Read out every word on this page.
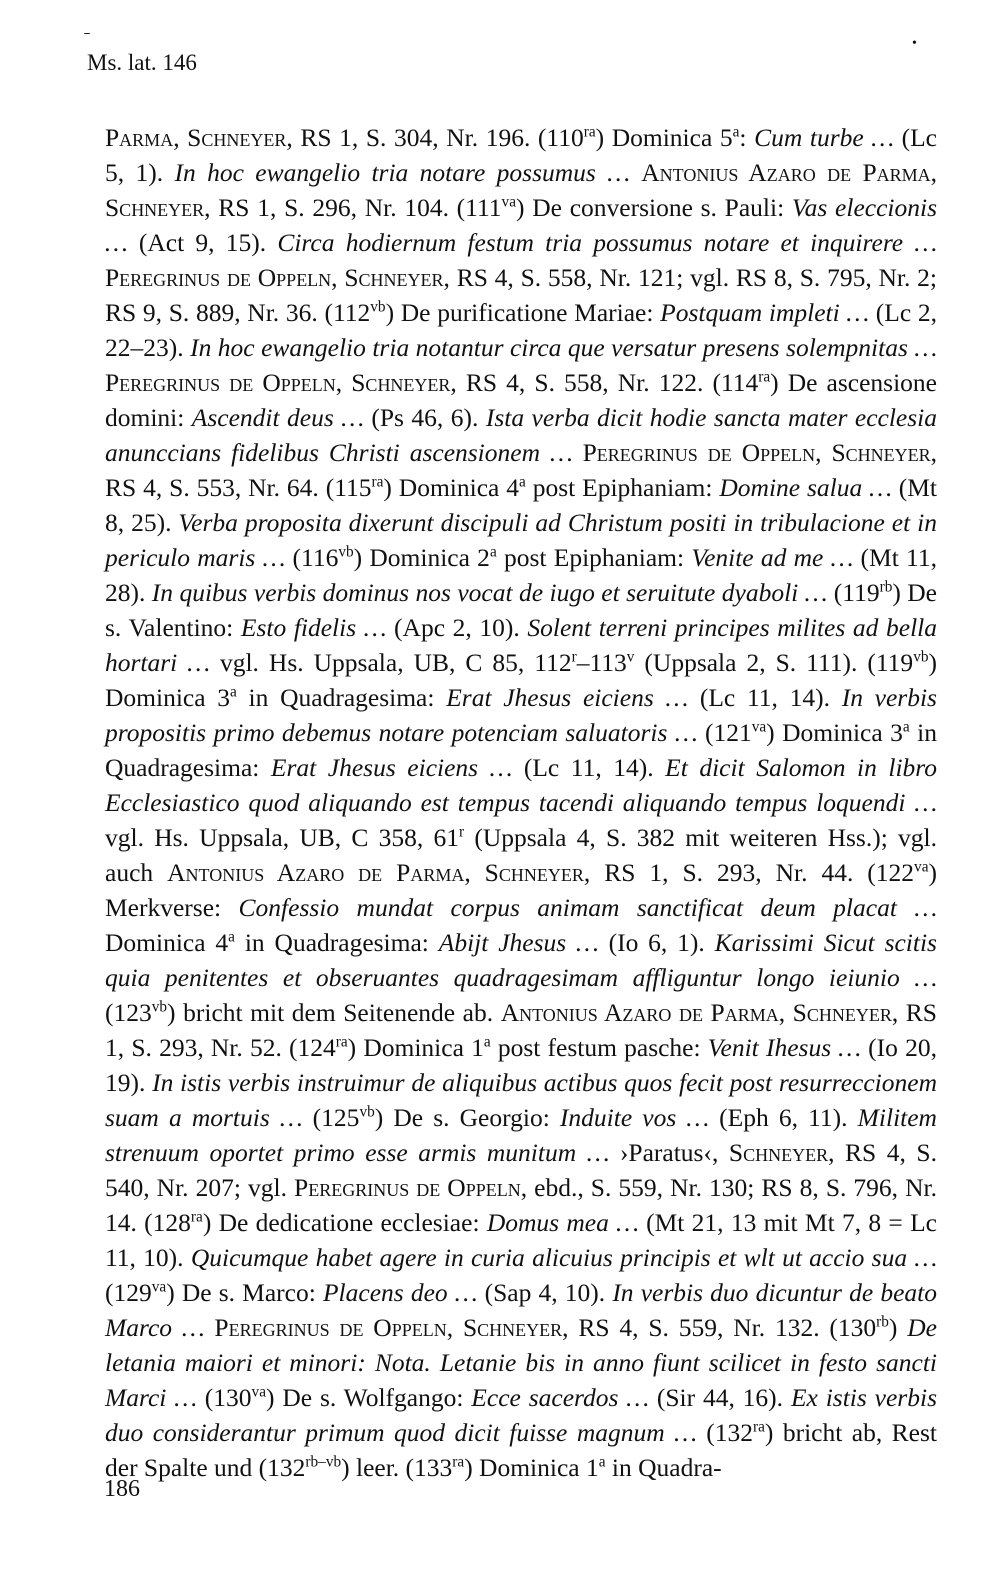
ˉ
Ms. lat. 146
•

Parma, Schneyer, RS 1, S. 304, Nr. 196. $(110^{ra})$ Dominica 5$^a$: Cum turbe … (Lc 5, 1). In hoc ewangelio tria notare possumus … Antonius Azaro de Parma, Schneyer, RS 1, S. 296, Nr. 104. $(111^{va})$ De conversione s. Pauli: Vas eleccionis … (Act 9, 15). Circa hodiernum festum tria possumus notare et inquirere … Peregrinus de Oppeln, Schneyer, RS 4, S. 558, Nr. 121; vgl. RS 8, S. 795, Nr. 2; RS 9, S. 889, Nr. 36. $(112^{vb})$ De purificatione Mariae: Postquam impleti … (Lc 2, 22–23). In hoc ewangelio tria notantur circa que versatur presens solempnitas … Peregrinus de Oppeln, Schneyer, RS 4, S. 558, Nr. 122. $(114^{ra})$ De ascensione domini: Ascendit deus … (Ps 46, 6). Ista verba dicit hodie sancta mater ecclesia anunccians fidelibus Christi ascensionem … Peregrinus de Oppeln, Schneyer, RS 4, S. 553, Nr. 64. $(115^{ra})$ Dominica 4$^a$ post Epiphaniam: Domine salua … (Mt 8, 25). Verba proposita dixerunt discipuli ad Christum positi in tribulacione et in periculo maris … $(116^{vb})$ Dominica 2$^a$ post Epiphaniam: Venite ad me … (Mt 11, 28). In quibus verbis dominus nos vocat de iugo et seruitute dyaboli … $(119^{rb})$ De s. Valentino: Esto fidelis … (Apc 2, 10). Solent terreni principes milites ad bella hortari … vgl. Hs. Uppsala, UB, C 85, 112$^r$–113$^v$ (Uppsala 2, S. 111). $(119^{vb})$ Dominica 3$^a$ in Quadragesima: Erat Jhesus eiciens … (Lc 11, 14). In verbis propositis primo debemus notare potenciam saluatoris … $(121^{va})$ Dominica 3$^a$ in Quadragesima: Erat Jhesus eiciens … (Lc 11, 14). Et dicit Salomon in libro Ecclesiastico quod aliquando est tempus tacendi aliquando tempus loquendi … vgl. Hs. Uppsala, UB, C 358, 61$^r$ (Uppsala 4, S. 382 mit weiteren Hss.); vgl. auch Antonius Azaro de Parma, Schneyer, RS 1, S. 293, Nr. 44. $(122^{va})$ Merkverse: Confessio mundat corpus animam sanctificat deum placat … Dominica 4$^a$ in Quadragesima: Abijt Jhesus … (Io 6, 1). Karissimi Sicut scitis quia penitentes et obseruantes quadragesimam affliguntur longo ieiunio … $(123^{vb})$ bricht mit dem Seitenende ab. Antonius Azaro de Parma, Schneyer, RS 1, S. 293, Nr. 52. $(124^{ra})$ Dominica 1$^a$ post festum pasche: Venit Ihesus … (Io 20, 19). In istis verbis instruimur de aliquibus actibus quos fecit post resurreccionem suam a mortuis … $(125^{vb})$ De s. Georgio: Induite vos … (Eph 6, 11). Militem strenuum oportet primo esse armis munitum … ›Paratus‹, Schneyer, RS 4, S. 540, Nr. 207; vgl. Peregrinus de Oppeln, ebd., S. 559, Nr. 130; RS 8, S. 796, Nr. 14. $(128^{ra})$ De dedicatione ecclesiae: Domus mea … (Mt 21, 13 mit Mt 7, 8 = Lc 11, 10). Quicumque habet agere in curia alicuius principis et wlt ut accio sua … $(129^{va})$ De s. Marco: Placens deo … (Sap 4, 10). In verbis duo dicuntur de beato Marco … Peregrinus de Oppeln, Schneyer, RS 4, S. 559, Nr. 132. $(130^{rb})$ De letania maiori et minori: Nota. Letanie bis in anno fiunt scilicet in festo sancti Marci … $(130^{va})$ De s. Wolfgango: Ecce sacerdos … (Sir 44, 16). Ex istis verbis duo considerantur primum quod dicit fuisse magnum … $(132^{ra})$ bricht ab, Rest der Spalte und $(132^{rb-vb})$ leer. $(133^{ra})$ Dominica 1$^a$ in Quadra-

186
